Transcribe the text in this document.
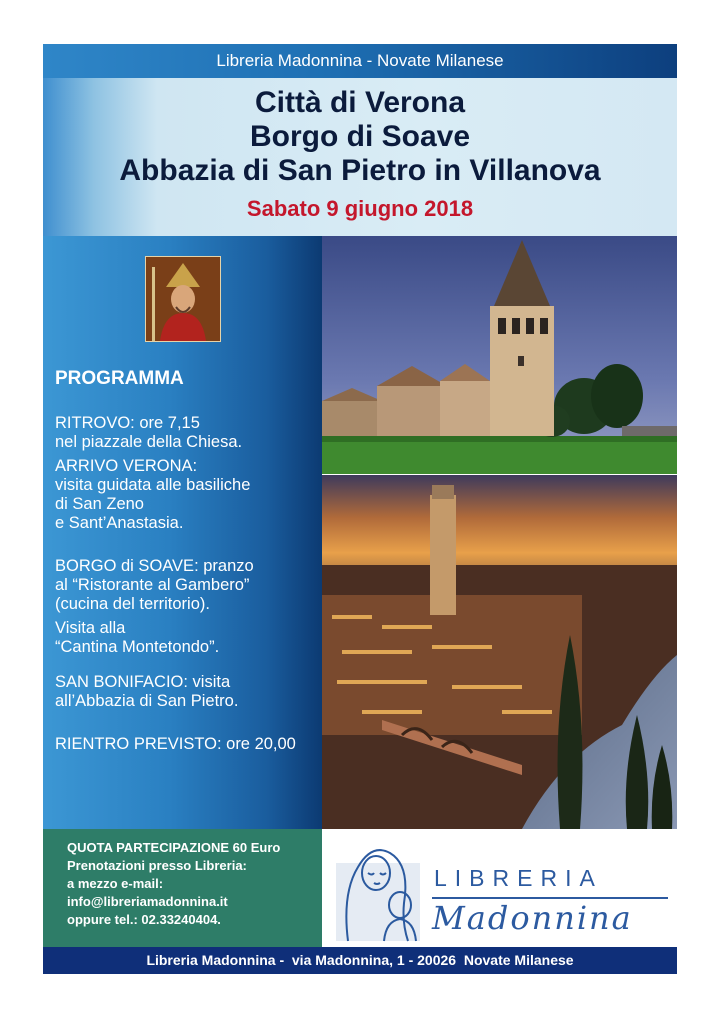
Libreria Madonnina - Novate Milanese
Città di Verona
Borgo di Soave
Abbazia di San Pietro in Villanova
Sabato 9 giugno 2018
PROGRAMMA

RITROVO: ore 7,15
nel piazzale della Chiesa.

ARRIVO VERONA:
visita guidata alle basiliche
di San Zeno
e Sant’Anastasia.

BORGO di SOAVE: pranzo
al “Ristorante al Gambero”
(cucina del territorio).

Visita alla
“Cantina Montetondo”.

SAN BONIFACIO: visita
all’Abbazia di San Pietro.

RIENTRO PREVISTO: ore 20,00

QUOTA PARTECIPAZIONE 60 Euro
Prenotazioni presso Libreria:
a mezzo e-mail:
info@libreriamadonnina.it
oppure tel.: 02.33240404.
LIBRERIA
Madonnina
Libreria Madonnina -  via Madonnina, 1 - 20026  Novate Milanese
